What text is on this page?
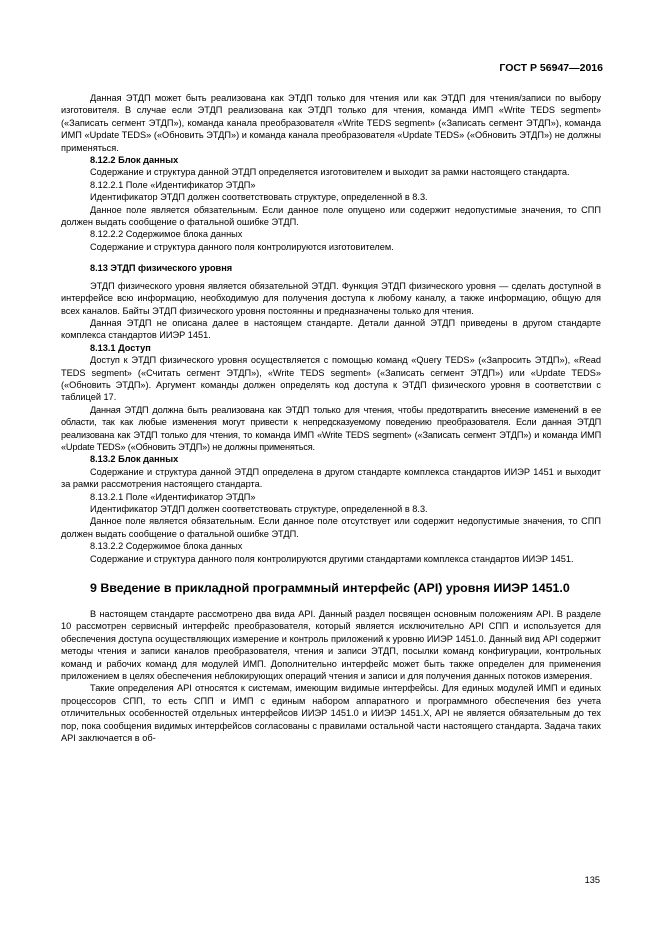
ГОСТ Р 56947—2016

Данная ЭТДП может быть реализована как ЭТДП только для чтения или как ЭТДП для чтения/записи по выбору изготовителя. В случае если ЭТДП реализована как ЭТДП только для чтения, команда ИМП «Write TEDS segment» («Записать сегмент ЭТДП»), команда канала преобразователя «Write TEDS segment» («Записать сегмент ЭТДП»), команда ИМП «Update TEDS» («Обновить ЭТДП») и команда канала преобразователя «Update TEDS» («Обновить ЭТДП») не должны применяться.

8.12.2 Блок данных

Содержание и структура данной ЭТДП определяется изготовителем и выходит за рамки настоящего стандарта.

8.12.2.1 Поле «Идентификатор ЭТДП»

Идентификатор ЭТДП должен соответствовать структуре, определенной в 8.3.

Данное поле является обязательным. Если данное поле опущено или содержит недопустимые значения, то СПП должен выдать сообщение о фатальной ошибке ЭТДП.

8.12.2.2 Содержимое блока данных

Содержание и структура данного поля контролируются изготовителем.

8.13 ЭТДП физического уровня

ЭТДП физического уровня является обязательной ЭТДП. Функция ЭТДП физического уровня — сделать доступной в интерфейсе всю информацию, необходимую для получения доступа к любому каналу, а также информацию, общую для всех каналов. Байты ЭТДП физического уровня постоянны и предназначены только для чтения.

Данная ЭТДП не описана далее в настоящем стандарте. Детали данной ЭТДП приведены в другом стандарте комплекса стандартов ИИЭР 1451.

8.13.1 Доступ

Доступ к ЭТДП физического уровня осуществляется с помощью команд «Query TEDS» («Запросить ЭТДП»), «Read TEDS segment» («Считать сегмент ЭТДП»), «Write TEDS segment» («Записать сегмент ЭТДП») или «Update TEDS» («Обновить ЭТДП»). Аргумент команды должен определять код доступа к ЭТДП физического уровня в соответствии с таблицей 17.

Данная ЭТДП должна быть реализована как ЭТДП только для чтения, чтобы предотвратить внесение изменений в ее области, так как любые изменения могут привести к непредсказуемому поведению преобразователя. Если данная ЭТДП реализована как ЭТДП только для чтения, то команда ИМП «Write TEDS segment» («Записать сегмент ЭТДП») и команда ИМП «Update TEDS» («Обновить ЭТДП») не должны применяться.

8.13.2 Блок данных

Содержание и структура данной ЭТДП определена в другом стандарте комплекса стандартов ИИЭР 1451 и выходит за рамки рассмотрения настоящего стандарта.

8.13.2.1 Поле «Идентификатор ЭТДП»

Идентификатор ЭТДП должен соответствовать структуре, определенной в 8.3.

Данное поле является обязательным. Если данное поле отсутствует или содержит недопустимые значения, то СПП должен выдать сообщение о фатальной ошибке ЭТДП.

8.13.2.2 Содержимое блока данных

Содержание и структура данного поля контролируются другими стандартами комплекса стандартов ИИЭР 1451.

9 Введение в прикладной программный интерфейс (API) уровня ИИЭР 1451.0

В настоящем стандарте рассмотрено два вида API. Данный раздел посвящен основным положениям API. В разделе 10 рассмотрен сервисный интерфейс преобразователя, который является исключительно API СПП и используется для обеспечения доступа осуществляющих измерение и контроль приложений к уровню ИИЭР 1451.0. Данный вид API содержит методы чтения и записи каналов преобразователя, чтения и записи ЭТДП, посылки команд конфигурации, контрольных команд и рабочих команд для модулей ИМП. Дополнительно интерфейс может быть также определен для применения приложением в целях обеспечения неблокирующих операций чтения и записи и для получения данных потоков измерения.

Такие определения API относятся к системам, имеющим видимые интерфейсы. Для единых модулей ИМП и единых процессоров СПП, то есть СПП и ИМП с единым набором аппаратного и программного обеспечения без учета отличительных особенностей отдельных интерфейсов ИИЭР 1451.0 и ИИЭР 1451.X, API не является обязательным до тех пор, пока сообщения видимых интерфейсов согласованы с правилами остальной части настоящего стандарта. Задача таких API заключается в об-

135
